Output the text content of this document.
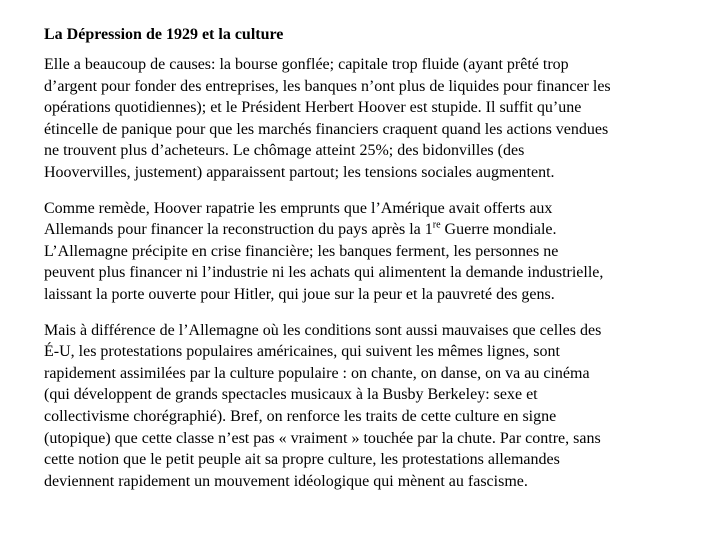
La Dépression de 1929 et la culture
Elle a beaucoup de causes: la bourse gonflée; capitale trop fluide (ayant prêté trop
d’argent pour fonder des entreprises, les banques n’ont plus de liquides pour financer les
opérations quotidiennes); et le Président Herbert Hoover est stupide. Il suffit qu’une
étincelle de panique pour que les marchés financiers craquent quand les actions vendues
ne trouvent plus d’acheteurs. Le chômage atteint 25%; des bidonvilles (des
Hoovervilles, justement) apparaissent partout; les tensions sociales augmentent.
Comme remède, Hoover rapatrie les emprunts que l’Amérique avait offerts aux
Allemands pour financer la reconstruction du pays après la 1re Guerre mondiale.
L’Allemagne précipite en crise financière; les banques ferment, les personnes ne
peuvent plus financer ni l’industrie ni les achats qui alimentent la demande industrielle,
laissant la porte ouverte pour Hitler, qui joue sur la peur et la pauvreté des gens.
Mais à différence de l’Allemagne où les conditions sont aussi mauvaises que celles des
É-U, les protestations populaires américaines, qui suivent les mêmes lignes, sont
rapidement assimilées par la culture populaire : on chante, on danse, on va au cinéma
(qui développent de grands spectacles musicaux à la Busby Berkeley: sexe et
collectivisme chorégraphié). Bref, on renforce les traits de cette culture en signe
(utopique) que cette classe n’est pas « vraiment » touchée par la chute. Par contre, sans
cette notion que le petit peuple ait sa propre culture, les protestations allemandes
deviennent rapidement un mouvement idéologique qui mènent au fascisme.
